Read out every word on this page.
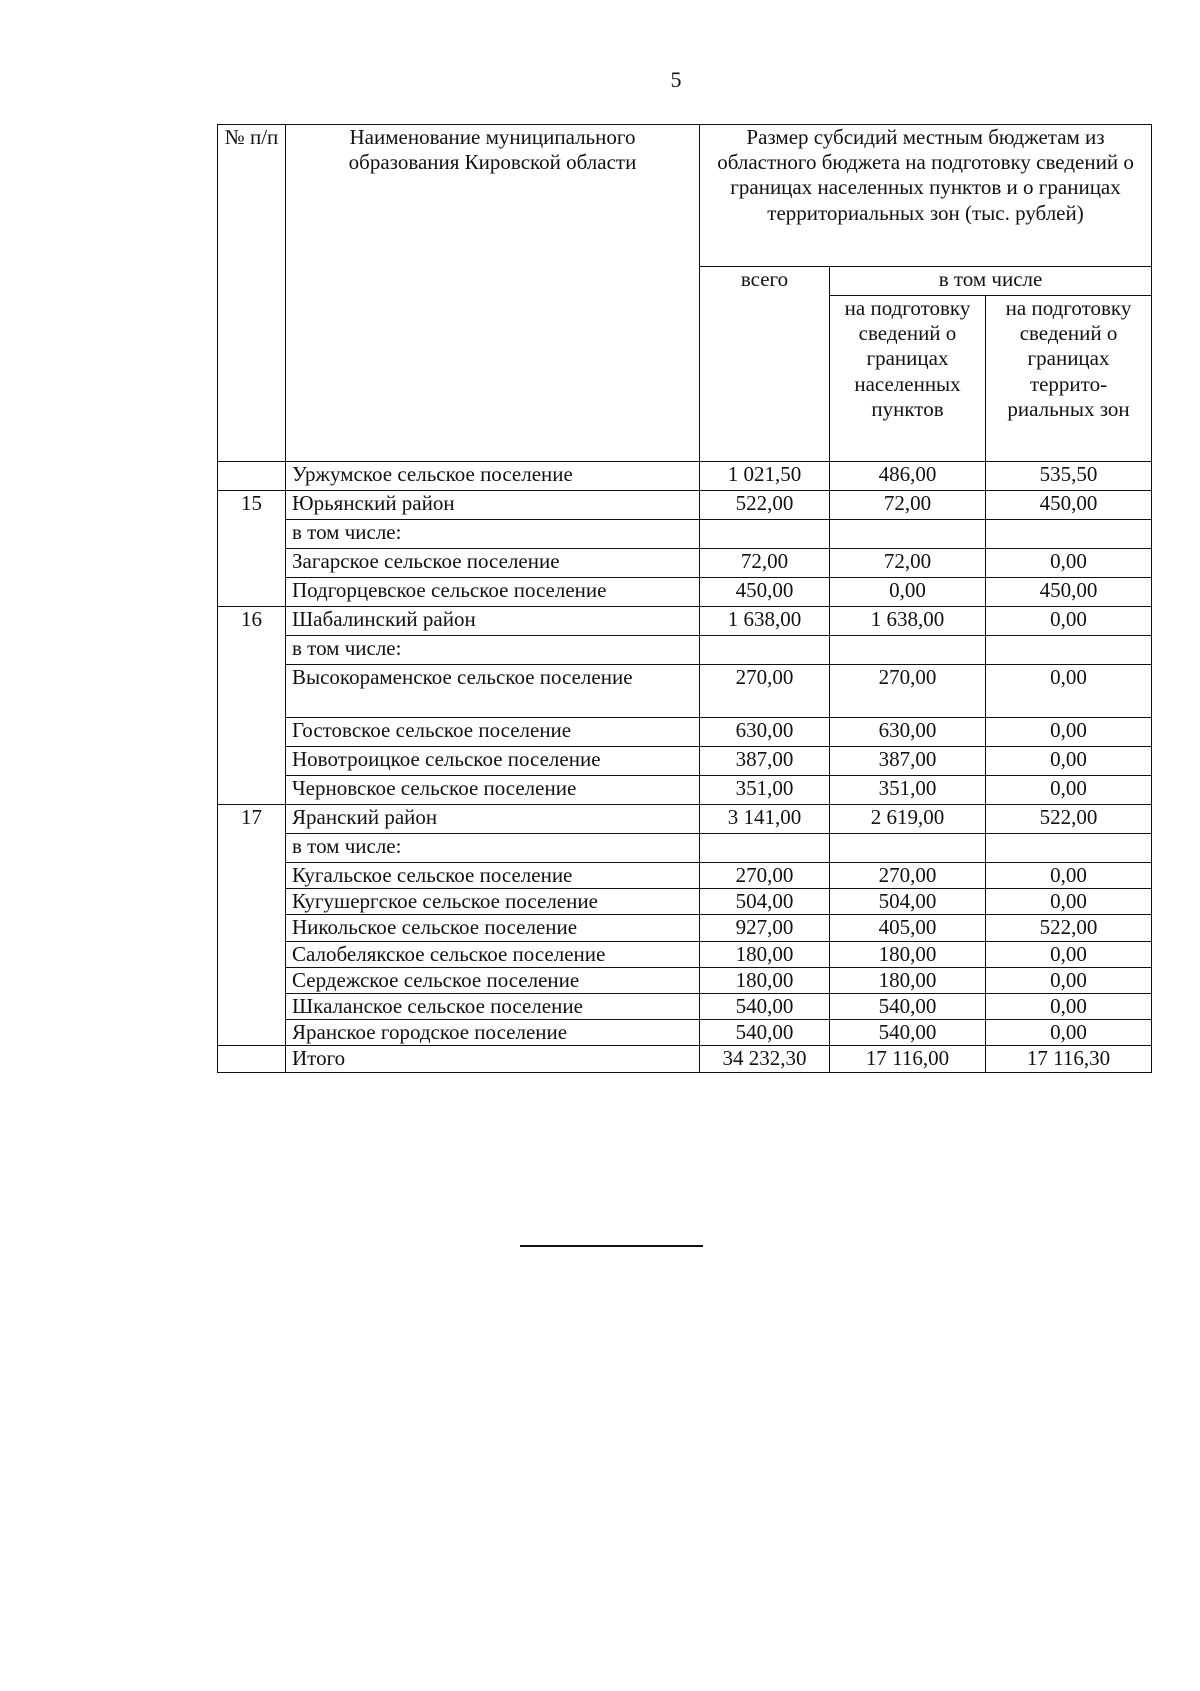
5
№ п/п	Наименование муниципального образования Кировской области	Размер субсидий местным бюджетам из областного бюджета на подготовку сведений о границах населенных пунктов и о границах территориальных зон (тыс. рублей)		
		всего	в том числе	
			на подготовку сведений о границах населенных пунктов	на подготовку сведений о границах террито-риальных зон
	Уржумское сельское поселение	1 021,50	486,00	535,50
15	Юрьянский район	522,00	72,00	450,00
	в том числе:			
	Загарское сельское поселение	72,00	72,00	0,00
	Подгорцевское сельское поселение	450,00	0,00	450,00
16	Шабалинский район	1 638,00	1 638,00	0,00
	в том числе:			
	Высокораменское сельское поселение	270,00	270,00	0,00
	Гостовское сельское поселение	630,00	630,00	0,00
	Новотроицкое сельское поселение	387,00	387,00	0,00
	Черновское сельское поселение	351,00	351,00	0,00
17	Яранский район	3 141,00	2 619,00	522,00
	в том числе:			
	Кугальское сельское поселение	270,00	270,00	0,00
	Кугушергское сельское поселение	504,00	504,00	0,00
	Никольское сельское поселение	927,00	405,00	522,00
	Салобелякское сельское поселение	180,00	180,00	0,00
	Сердежское сельское поселение	180,00	180,00	0,00
	Шкаланское сельское поселение	540,00	540,00	0,00
	Яранское городское поселение	540,00	540,00	0,00
	Итого	34 232,30	17 116,00	17 116,30
